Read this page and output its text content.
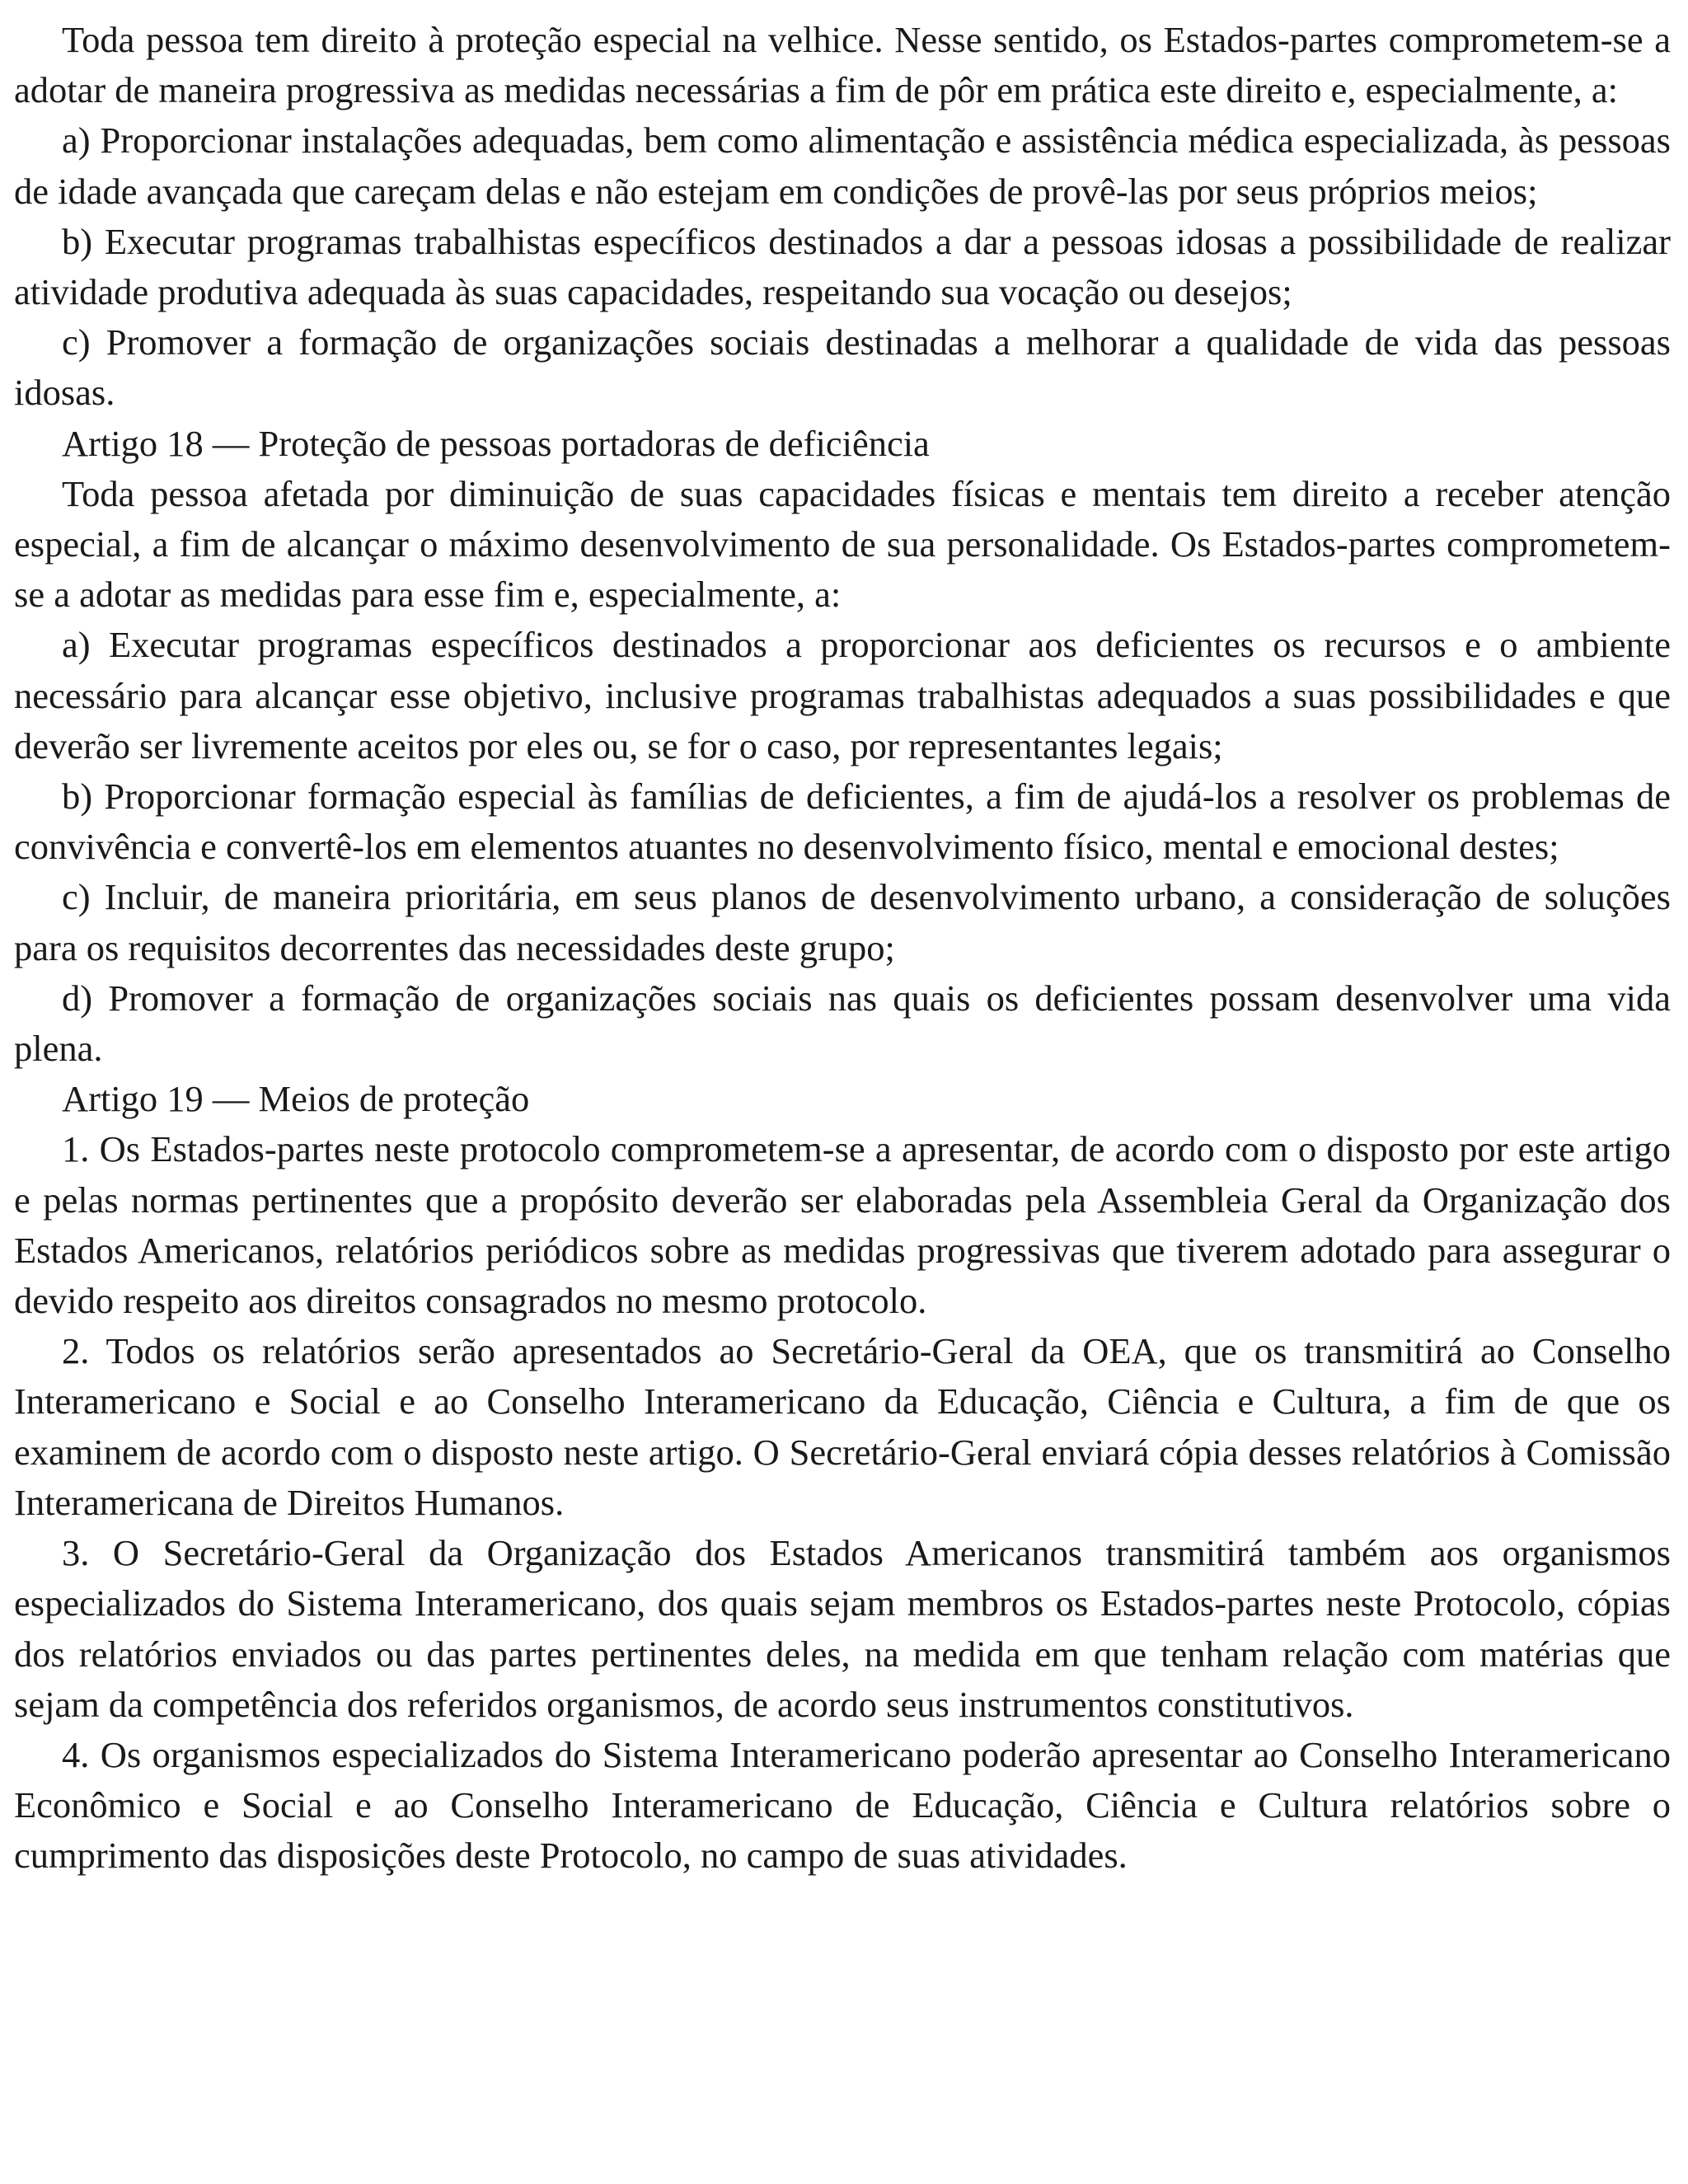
Toda pessoa tem direito à proteção especial na velhice. Nesse sentido, os Estados-partes comprometem-se a adotar de maneira progressiva as medidas necessárias a fim de pôr em prática este direito e, especialmente, a:

a) Proporcionar instalações adequadas, bem como alimentação e assistência médica especializada, às pessoas de idade avançada que careçam delas e não estejam em condições de provê-las por seus próprios meios;

b) Executar programas trabalhistas específicos destinados a dar a pessoas idosas a possibilidade de realizar atividade produtiva adequada às suas capacidades, respeitando sua vocação ou desejos;

c) Promover a formação de organizações sociais destinadas a melhorar a qualidade de vida das pessoas idosas.

Artigo 18 — Proteção de pessoas portadoras de deficiência

Toda pessoa afetada por diminuição de suas capacidades físicas e mentais tem direito a receber atenção especial, a fim de alcançar o máximo desenvolvimento de sua personalidade. Os Estados-partes comprometem-se a adotar as medidas para esse fim e, especialmente, a:

a) Executar programas específicos destinados a proporcionar aos deficientes os recursos e o ambiente necessário para alcançar esse objetivo, inclusive programas trabalhistas adequados a suas possibilidades e que deverão ser livremente aceitos por eles ou, se for o caso, por representantes legais;

b) Proporcionar formação especial às famílias de deficientes, a fim de ajudá-los a resolver os problemas de convivência e convertê-los em elementos atuantes no desenvolvimento físico, mental e emocional destes;

c) Incluir, de maneira prioritária, em seus planos de desenvolvimento urbano, a consideração de soluções para os requisitos decorrentes das necessidades deste grupo;

d) Promover a formação de organizações sociais nas quais os deficientes possam desenvolver uma vida plena.

Artigo 19 — Meios de proteção

1. Os Estados-partes neste protocolo comprometem-se a apresentar, de acordo com o disposto por este artigo e pelas normas pertinentes que a propósito deverão ser elaboradas pela Assembleia Geral da Organização dos Estados Americanos, relatórios periódicos sobre as medidas progressivas que tiverem adotado para assegurar o devido respeito aos direitos consagrados no mesmo protocolo.

2. Todos os relatórios serão apresentados ao Secretário-Geral da OEA, que os transmitirá ao Conselho Interamericano e Social e ao Conselho Interamericano da Educação, Ciência e Cultura, a fim de que os examinem de acordo com o disposto neste artigo. O Secretário-Geral enviará cópia desses relatórios à Comissão Interamericana de Direitos Humanos.

3. O Secretário-Geral da Organização dos Estados Americanos transmitirá também aos organismos especializados do Sistema Interamericano, dos quais sejam membros os Estados-partes neste Protocolo, cópias dos relatórios enviados ou das partes pertinentes deles, na medida em que tenham relação com matérias que sejam da competência dos referidos organismos, de acordo seus instrumentos constitutivos.

4. Os organismos especializados do Sistema Interamericano poderão apresentar ao Conselho Interamericano Econômico e Social e ao Conselho Interamericano de Educação, Ciência e Cultura relatórios sobre o cumprimento das disposições deste Protocolo, no campo de suas atividades.
